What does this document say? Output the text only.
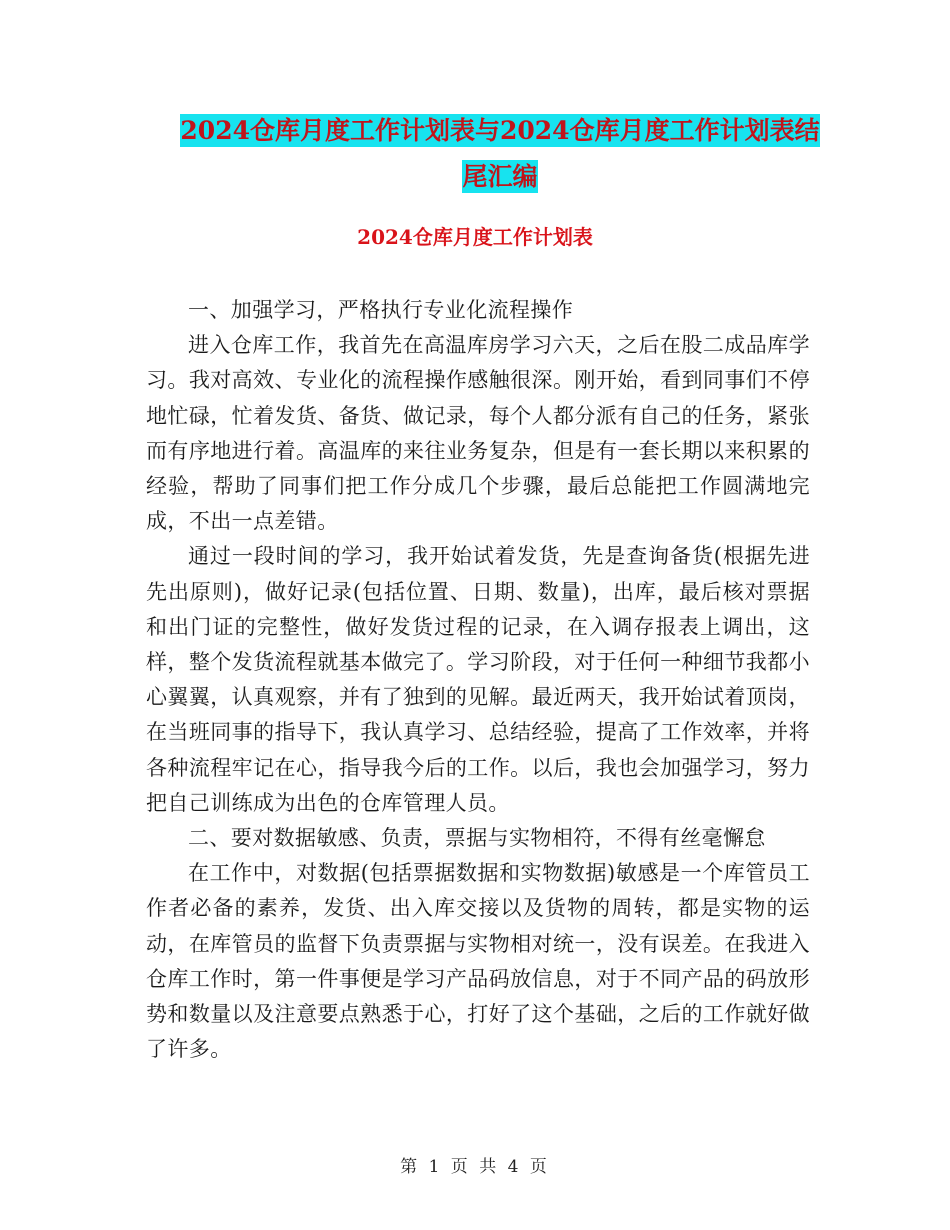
2024仓库月度工作计划表与2024仓库月度工作计划表结尾汇编
2024仓库月度工作计划表

一、加强学习，严格执行专业化流程操作

进入仓库工作，我首先在高温库房学习六天，之后在股二成品库学习。我对高效、专业化的流程操作感触很深。刚开始，看到同事们不停地忙碌，忙着发货、备货、做记录，每个人都分派有自己的任务，紧张而有序地进行着。高温库的来往业务复杂，但是有一套长期以来积累的经验，帮助了同事们把工作分成几个步骤，最后总能把工作圆满地完成，不出一点差错。

通过一段时间的学习，我开始试着发货，先是查询备货(根据先进先出原则)，做好记录(包括位置、日期、数量)，出库，最后核对票据和出门证的完整性，做好发货过程的记录，在入调存报表上调出，这样，整个发货流程就基本做完了。学习阶段，对于任何一种细节我都小心翼翼，认真观察，并有了独到的见解。最近两天，我开始试着顶岗，在当班同事的指导下，我认真学习、总结经验，提高了工作效率，并将各种流程牢记在心，指导我今后的工作。以后，我也会加强学习，努力把自己训练成为出色的仓库管理人员。

二、要对数据敏感、负责，票据与实物相符，不得有丝毫懈怠

在工作中，对数据(包括票据数据和实物数据)敏感是一个库管员工作者必备的素养，发货、出入库交接以及货物的周转，都是实物的运动，在库管员的监督下负责票据与实物相对统一，没有误差。在我进入仓库工作时，第一件事便是学习产品码放信息，对于不同产品的码放形势和数量以及注意要点熟悉于心，打好了这个基础，之后的工作就好做了许多。

第 1 页 共 4 页
